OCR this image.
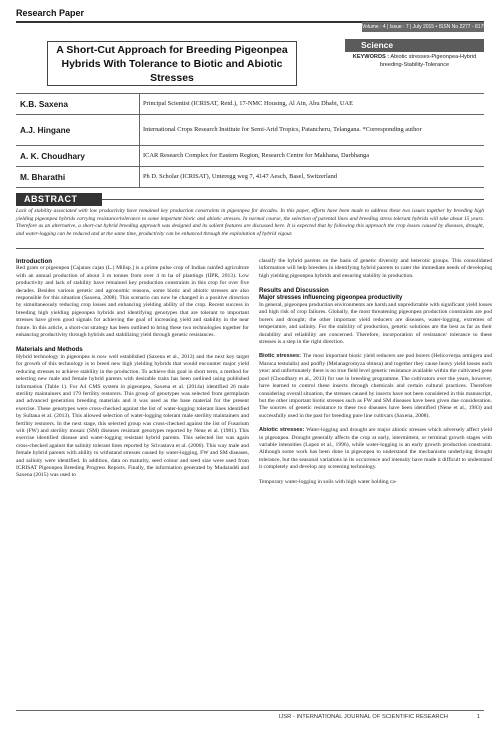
Research Paper
Volume : 4 | Issue : 7 | July 2015 • ISSN No 2277 - 8179
A Short-Cut Approach for Breeding Pigeonpea Hybrids With Tolerance to Biotic and Abiotic Stresses
Science
KEYWORDS : Abiotic stresses-Pigeonpea-Hybrid breeding-Stability-Tolerance
K.B. Saxena	Principal Scientist (ICRISAT, Retd.), 17-NMC Housing, Al Ain, Abu Dhabi, UAE
A.J. Hingane	International Crops Research Institute for Semi-Arid Tropics, Patancheru, Telangana. *Corresponding author
A. K. Choudhary	ICAR Research Complex for Eastern Region, Research Centre for Makhana, Darbhanga
M. Bharathi	Ph D. Scholar (ICRISAT), Unteregg weg 7, 4147 Aesch, Basel, Switzerland
ABSTRACT
Lack of stability associated with low productivity have remained key production constraints in pigeonpea for decades. In this paper, efforts have been made to address these two issues together by breeding high yielding pigeonpea hybrids carrying resistance/tolerance to some important biotic and abiotic stresses. In normal course, the selection of parental lines and breeding stress tolerant hybrids will take about 15 years. Therefore as an alternative, a short-cut hybrid breeding approach was designed and its salient features are discussed here. It is expected that by following this approach the crop losses caused by diseases, drought, and water-logging can be reduced and at the same time, productivity can be enhanced through the exploitation of hybrid vigour.
Introduction

Red gram or pigeonpea [Cajanus cajan (L.) Millsp.] is a prime pulse crop of Indian rainfed agriculture with an annual production of about 3 m tonnes from over 4 m ha of plantings (IIPR, 2013). Low productivity and lack of stability have remained key production constraints in this crop for over five decades. Besides various genetic and agronomic reasons, some biotic and abiotic stresses are also responsible for this situation (Saxena, 2008). This scenario can now be changed in a positive direction by simultaneously reducing crop losses and enhancing yielding ability of the crop. Recent success in breeding high yielding pigeonpea hybrids and identifying genotypes that are tolerant to important stresses have given good signals for achieving the goal of increasing yield and stability in the near future. In this article, a short-cut strategy has been outlined to bring these two technologies together for enhancing productivity through hybrids and stabilizing yield through genetic resistances.

Materials and Methods

Hybrid technology in pigeonpea is now well established (Saxena et al., 2013) and the next key target for growth of this technology is to breed new high yielding hybrids that would encounter major yield reducing stresses to achieve stability in the production. To achieve this goal in short term, a method for selecting new male and female hybrid parents with desirable traits has been outlined using published information (Table 1). For A4 CMS system in pigeonpea, Saxena et al. (2014a) identified 26 male sterility maintainers and 179 fertility restorers. This group of genotypes was selected from germplasm and advanced generation breeding materials and it was used as the base material for the present exercise. These genotypes were cross-checked against the list of water-logging tolerant lines identified by Sultana et al. (2013). This allowed selection of water-logging tolerant male sterility maintainers and fertility restorers. In the next stage, this selected group was cross-checked against the list of Fusarium wilt (FW) and sterility mosaic (SM) diseases resistant genotypes reported by Nene et al. (1981). This exercise identified disease and water-logging resistant hybrid parents. This selected list was again cross-checked against the salinity tolerant lines reported by Srivastava et al. (2006). This way male and female hybrid parents with ability to withstand stresses caused by water-logging, FW and SM diseases, and salinity were identified. In addition, data on maturity, seed colour and seed size were used from ICRISAT Pigeonpea Breeding Progress Reports. Finally, the information generated by Mudaraddi and Saxena (2015) was used to

classify the hybrid parents on the basis of genetic diversity and heterotic groups. This consolidated information will help breeders in identifying hybrid parents to cater the immediate needs of developing high yielding pigeonpea hybrids and ensuring stability in production.

Results and Discussion
Major stresses influencing pigeonpea productivity

In general, pigeonpea production environments are harsh and unpredictable with significant yield losses and high risk of crop failures. Globally, the most threatening pigeonpea production constraints are pod borers and drought; the other important yield reducers are diseases, water-logging, extremes of temperature, and salinity. For the stability of production, genetic solutions are the best as far as their durability and reliability are concerned. Therefore, incorporation of resistance/ tolerance to these stresses is a step in the right direction.

Biotic stresses: The most important biotic yield reducers are pod borers (Helicoverpa armigera and Maruca testulalis) and podfly (Melanagromyza obtusa) and together they cause heavy yield losses each year; and unfortunately there is no true field level genetic resistance available within the cultivated gene pool (Choudhary et al., 2013) for use in breeding programme. The cultivators over the years, however, have learned to control these insects through chemicals and certain cultural practices. Therefore considering overall situation, the stresses caused by insects have not been considered in this manuscript, but the other important biotic stresses such as FW and SM diseases have been given due consideration. The sources of genetic resistance to these two diseases have been identified (Nene et al., 1983) and successfully used in the past for breeding pure line cultivars (Saxena, 2008).

Abiotic stresses: Water-logging and drought are major abiotic stresses which adversely affect yield in pigeonpea. Drought generally affects the crop at early, intermittent, or terminal growth stages with variable intensities (Lopez et al., 1996), while water-logging is an early growth production constraint. Although some work has been done in pigeonpea to understand the mechanisms underlying drought tolerance, but the seasonal variations in its occurrence and intensity have made it difficult to understand it completely and develop any screening technology.

Temporary water-logging in soils with high water holding ca-

IJSR - INTERNATIONAL JOURNAL OF SCIENTIFIC RESEARCH	1
